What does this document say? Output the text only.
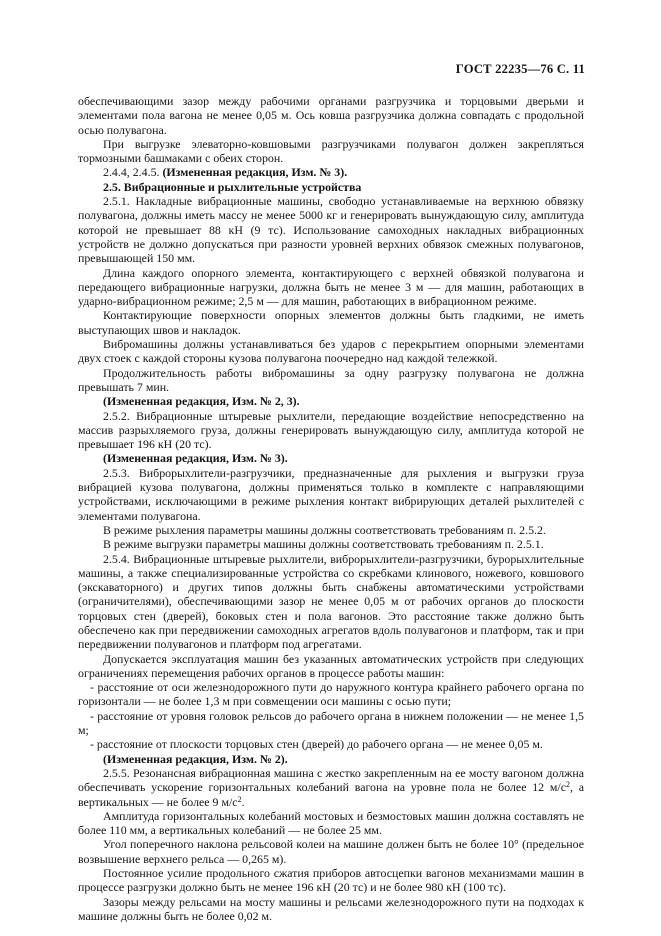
ГОСТ 22235—76 С. 11

обеспечивающими зазор между рабочими органами разгрузчика и торцовыми дверьми и элементами пола вагона не менее 0,05 м. Ось ковша разгрузчика должна совпадать с продольной осью полувагона.

При выгрузке элеваторно-ковшовыми разгрузчиками полувагон должен закрепляться тормозными башмаками с обеих сторон.

2.4.4, 2.4.5. (Измененная редакция, Изм. № 3).

2.5. Вибрационные и рыхлительные устройства

2.5.1. Накладные вибрационные машины, свободно устанавливаемые на верхнюю обвязку полувагона, должны иметь массу не менее 5000 кг и генерировать вынуждающую силу, амплитуда которой не превышает 88 кН (9 тс). Использование самоходных накладных вибрационных устройств не должно допускаться при разности уровней верхних обвязок смежных полувагонов, превышающей 150 мм.

Длина каждого опорного элемента, контактирующего с верхней обвязкой полувагона и передающего вибрационные нагрузки, должна быть не менее 3 м — для машин, работающих в ударно-вибрационном режиме; 2,5 м — для машин, работающих в вибрационном режиме.

Контактирующие поверхности опорных элементов должны быть гладкими, не иметь выступающих швов и накладок.

Вибромашины должны устанавливаться без ударов с перекрытием опорными элементами двух стоек с каждой стороны кузова полувагона поочередно над каждой тележкой.

Продолжительность работы вибромашины за одну разгрузку полувагона не должна превышать 7 мин.

(Измененная редакция, Изм. № 2, 3).

2.5.2. Вибрационные штыревые рыхлители, передающие воздействие непосредственно на массив разрыхляемого груза, должны генерировать вынуждающую силу, амплитуда которой не превышает 196 кН (20 тс).

(Измененная редакция, Изм. № 3).

2.5.3. Виброрыхлители-разгрузчики, предназначенные для рыхления и выгрузки груза вибрацией кузова полувагона, должны применяться только в комплекте с направляющими устройствами, исключающими в режиме рыхления контакт вибрирующих деталей рыхлителей с элементами полувагона.

В режиме рыхления параметры машины должны соответствовать требованиям п. 2.5.2.

В режиме выгрузки параметры машины должны соответствовать требованиям п. 2.5.1.

2.5.4. Вибрационные штыревые рыхлители, виброрыхлители-разгрузчики, бурорыхлительные машины, а также специализированные устройства со скребками клинового, ножевого, ковшового (экскаваторного) и других типов должны быть снабжены автоматическими устройствами (ограничителями), обеспечивающими зазор не менее 0,05 м от рабочих органов до плоскости торцовых стен (дверей), боковых стен и пола вагонов. Это расстояние также должно быть обеспечено как при передвижении самоходных агрегатов вдоль полувагонов и платформ, так и при передвижении полувагонов и платформ под агрегатами.

Допускается эксплуатация машин без указанных автоматических устройств при следующих ограничениях перемещения рабочих органов в процессе работы машин:

- расстояние от оси железнодорожного пути до наружного контура крайнего рабочего органа по горизонтали — не более 1,3 м при совмещении оси машины с осью пути;

- расстояние от уровня головок рельсов до рабочего органа в нижнем положении — не менее 1,5 м;

- расстояние от плоскости торцовых стен (дверей) до рабочего органа — не менее 0,05 м.

(Измененная редакция, Изм. № 2).

2.5.5. Резонансная вибрационная машина с жестко закрепленным на ее мосту вагоном должна обеспечивать ускорение горизонтальных колебаний вагона на уровне пола не более 12 $м/с^2$, а вертикальных — не более 9 $м/с^2$.

Амплитуда горизонтальных колебаний мостовых и безмостовых машин должна составлять не более 110 мм, а вертикальных колебаний — не более 25 мм.

Угол поперечного наклона рельсовой колеи на машине должен быть не более 10° (предельное возвышение верхнего рельса — 0,265 м).

Постоянное усилие продольного сжатия приборов автосцепки вагонов механизмами машин в процессе разгрузки должно быть не менее 196 кН (20 тс) и не более 980 кН (100 тс).

Зазоры между рельсами на мосту машины и рельсами железнодорожного пути на подходах к машине должны быть не более 0,02 м.
